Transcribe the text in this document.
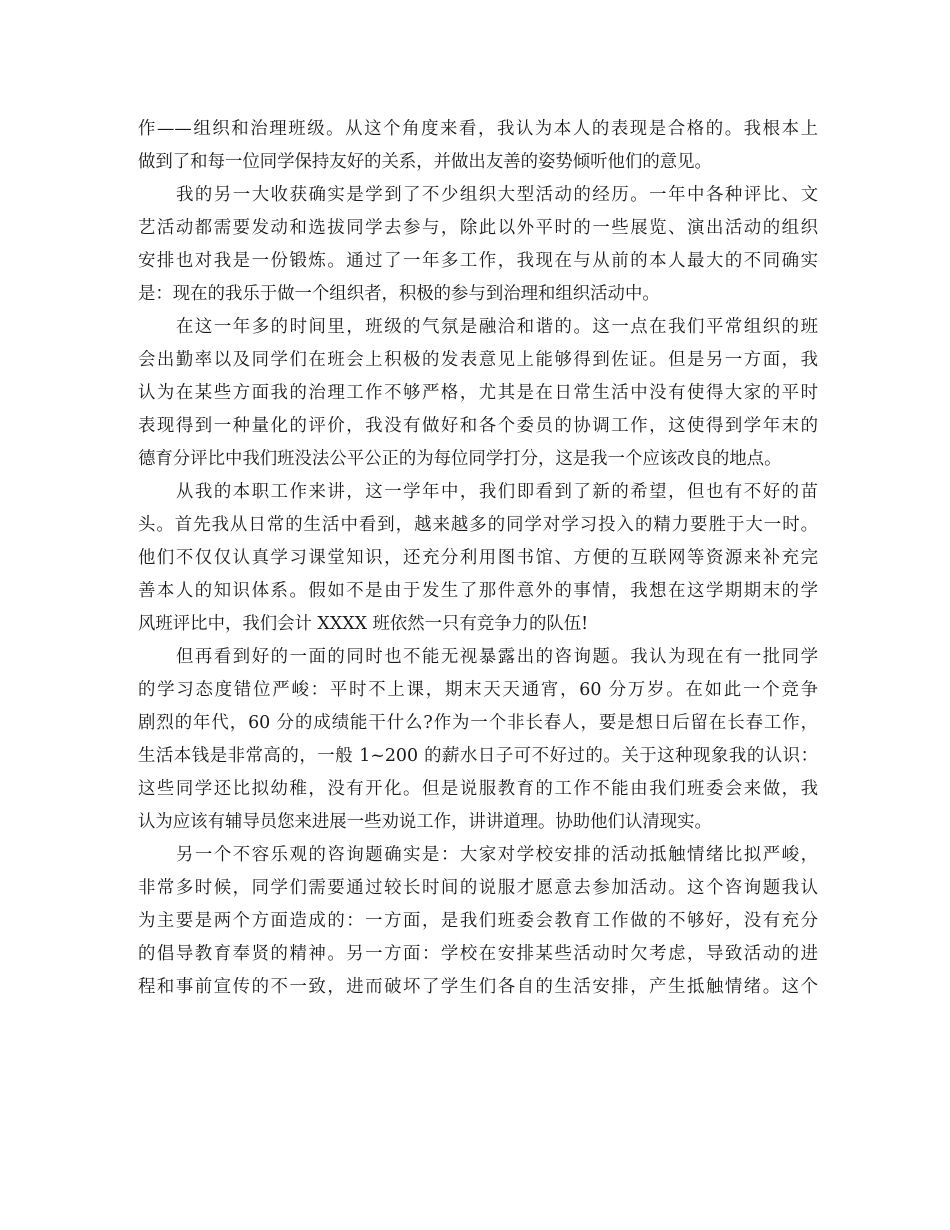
作——组织和治理班级。从这个角度来看，我认为本人的表现是合格的。我根本上
做到了和每一位同学保持友好的关系，并做出友善的姿势倾听他们的意见。
我的另一大收获确实是学到了不少组织大型活动的经历。一年中各种评比、文
艺活动都需要发动和选拔同学去参与，除此以外平时的一些展览、演出活动的组织
安排也对我是一份锻炼。通过了一年多工作，我现在与从前的本人最大的不同确实
是：现在的我乐于做一个组织者，积极的参与到治理和组织活动中。
在这一年多的时间里，班级的气氛是融洽和谐的。这一点在我们平常组织的班
会出勤率以及同学们在班会上积极的发表意见上能够得到佐证。但是另一方面，我
认为在某些方面我的治理工作不够严格，尤其是在日常生活中没有使得大家的平时
表现得到一种量化的评价，我没有做好和各个委员的协调工作，这使得到学年末的
德育分评比中我们班没法公平公正的为每位同学打分，这是我一个应该改良的地点。
从我的本职工作来讲，这一学年中，我们即看到了新的希望，但也有不好的苗
头。首先我从日常的生活中看到，越来越多的同学对学习投入的精力要胜于大一时。
他们不仅仅认真学习课堂知识，还充分利用图书馆、方便的互联网等资源来补充完
善本人的知识体系。假如不是由于发生了那件意外的事情，我想在这学期期末的学
风班评比中，我们会计 XXXX 班依然一只有竞争力的队伍!
但再看到好的一面的同时也不能无视暴露出的咨询题。我认为现在有一批同学
的学习态度错位严峻：平时不上课，期末天天通宵，60 分万岁。在如此一个竞争
剧烈的年代，60 分的成绩能干什么?作为一个非长春人，要是想日后留在长春工作，
生活本钱是非常高的，一般 1~200 的薪水日子可不好过的。关于这种现象我的认识：
这些同学还比拟幼稚，没有开化。但是说服教育的工作不能由我们班委会来做，我
认为应该有辅导员您来进展一些劝说工作，讲讲道理。协助他们认清现实。
另一个不容乐观的咨询题确实是：大家对学校安排的活动抵触情绪比拟严峻，
非常多时候，同学们需要通过较长时间的说服才愿意去参加活动。这个咨询题我认
为主要是两个方面造成的：一方面，是我们班委会教育工作做的不够好，没有充分
的倡导教育奉贤的精神。另一方面：学校在安排某些活动时欠考虑，导致活动的进
程和事前宣传的不一致，进而破坏了学生们各自的生活安排，产生抵触情绪。这个
